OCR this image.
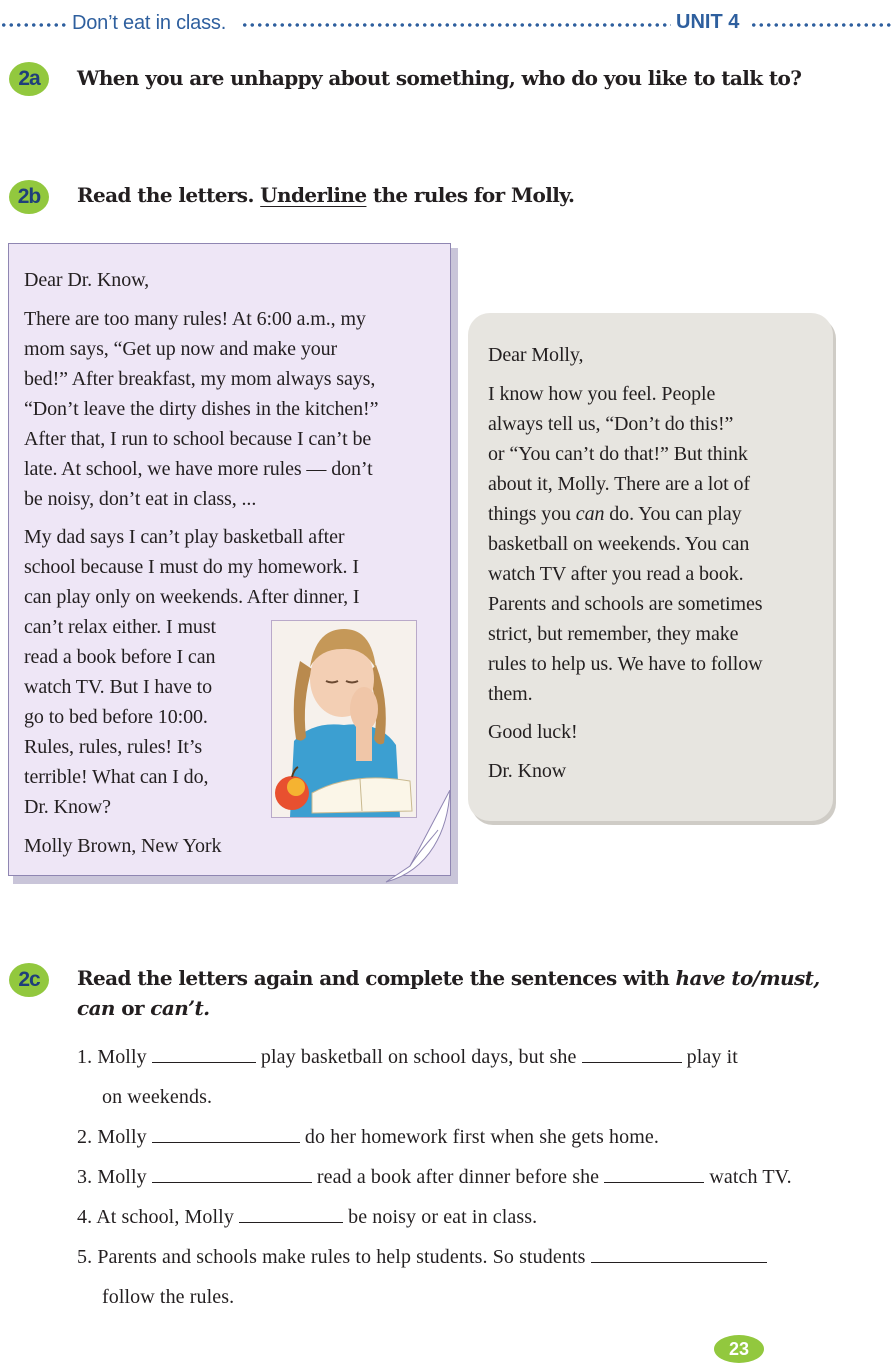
Don’t eat in class.	UNIT 4
2a	When you are unhappy about something, who do you like to talk to?
2b	Read the letters. Underline the rules for Molly.
Dear Dr. Know,
There are too many rules! At 6:00 a.m., my
mom says, “Get up now and make your
bed!” After breakfast, my mom always says,
“Don’t leave the dirty dishes in the kitchen!”
After that, I run to school because I can’t be
late. At school, we have more rules — don’t
be noisy, don’t eat in class, ...
My dad says I can’t play basketball after
school because I must do my homework. I
can play only on weekends. After dinner, I
can’t relax either. I must
read a book before I can
watch TV. But I have to
go to bed before 10:00.
Rules, rules, rules! It’s
terrible! What can I do,
Dr. Know?
Molly Brown, New York
Dear Molly,
I know how you feel. People
always tell us, “Don’t do this!”
or “You can’t do that!” But think
about it, Molly. There are a lot of
things you can do. You can play
basketball on weekends. You can
watch TV after you read a book.
Parents and schools are sometimes
strict, but remember, they make
rules to help us. We have to follow
them.
Good luck!
Dr. Know
2c	Read the letters again and complete the sentences with have to/must,
can or can’t.
1. Molly	play basketball on school days, but she	play it
on weekends.
2. Molly	do her homework first when she gets home.
3. Molly	read a book after dinner before she	watch TV.
4. At school, Molly	be noisy or eat in class.
5. Parents and schools make rules to help students. So students
follow the rules.
23
